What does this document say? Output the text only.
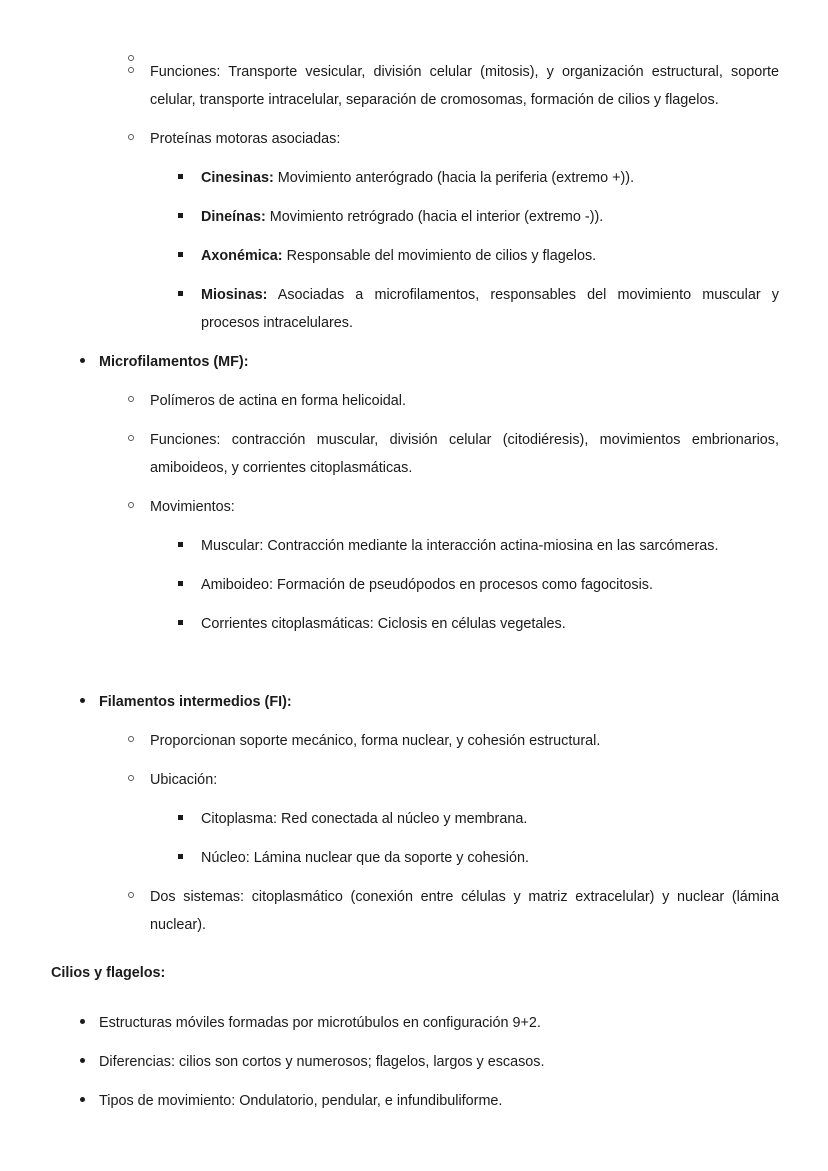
Funciones: Transporte vesicular, división celular (mitosis), y organización estructural, soporte celular, transporte intracelular, separación de cromosomas, formación de cilios y flagelos.
Proteínas motoras asociadas:
Cinesinas: Movimiento anterógrado (hacia la periferia (extremo +)).
Dineínas: Movimiento retrógrado (hacia el interior (extremo -)).
Axonémica: Responsable del movimiento de cilios y flagelos.
Miosinas: Asociadas a microfilamentos, responsables del movimiento muscular y procesos intracelulares.
Microfilamentos (MF):
Polímeros de actina en forma helicoidal.
Funciones: contracción muscular, división celular (citodiéresis), movimientos embrionarios, amiboideos, y corrientes citoplasmáticas.
Movimientos:
Muscular: Contracción mediante la interacción actina-miosina en las sarcómeras.
Amiboideo: Formación de pseudópodos en procesos como fagocitosis.
Corrientes citoplasmáticas: Ciclosis en células vegetales.
Filamentos intermedios (FI):
Proporcionan soporte mecánico, forma nuclear, y cohesión estructural.
Ubicación:
Citoplasma: Red conectada al núcleo y membrana.
Núcleo: Lámina nuclear que da soporte y cohesión.
Dos sistemas: citoplasmático (conexión entre células y matriz extracelular) y nuclear (lámina nuclear).
Cilios y flagelos:
Estructuras móviles formadas por microtúbulos en configuración 9+2.
Diferencias: cilios son cortos y numerosos; flagelos, largos y escasos.
Tipos de movimiento: Ondulatorio, pendular, e infundibuliforme.
